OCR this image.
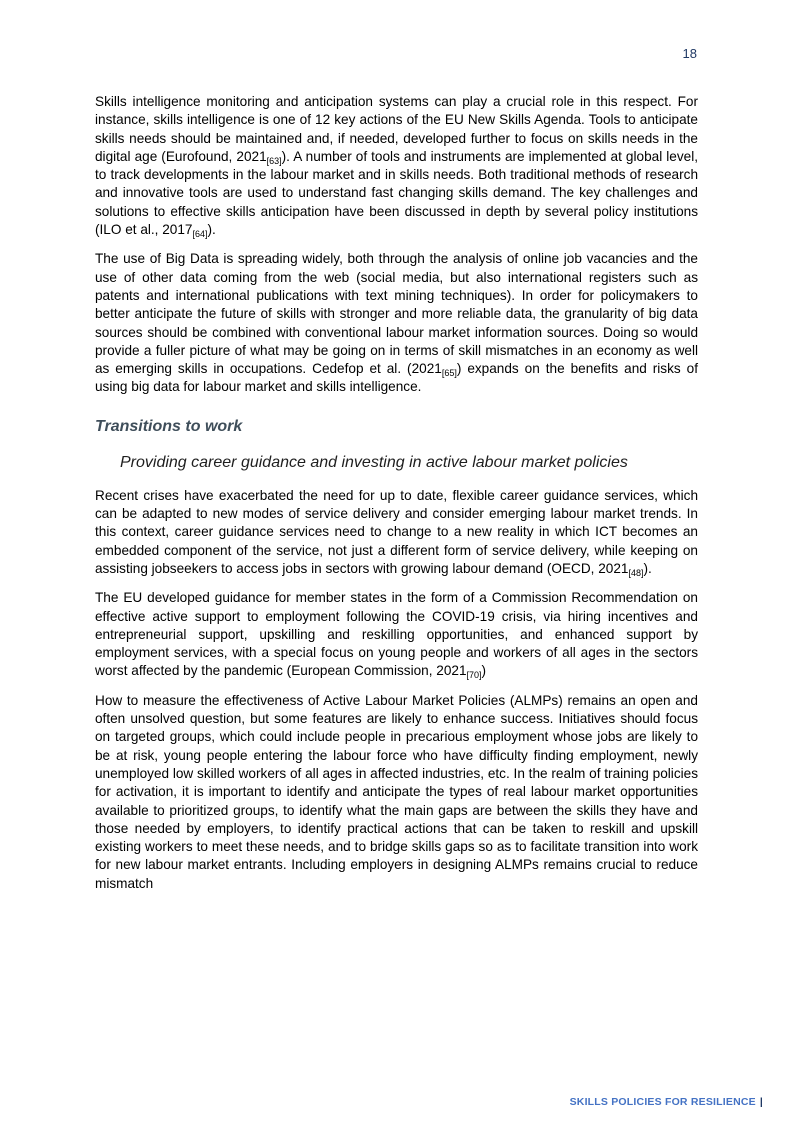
18

Skills intelligence monitoring and anticipation systems can play a crucial role in this respect. For instance, skills intelligence is one of 12 key actions of the EU New Skills Agenda. Tools to anticipate skills needs should be maintained and, if needed, developed further to focus on skills needs in the digital age (Eurofound, $2021_{[63]}$). A number of tools and instruments are implemented at global level, to track developments in the labour market and in skills needs. Both traditional methods of research and innovative tools are used to understand fast changing skills demand. The key challenges and solutions to effective skills anticipation have been discussed in depth by several policy institutions (ILO et al., $2017_{[64]}$).

The use of Big Data is spreading widely, both through the analysis of online job vacancies and the use of other data coming from the web (social media, but also international registers such as patents and international publications with text mining techniques). In order for policymakers to better anticipate the future of skills with stronger and more reliable data, the granularity of big data sources should be combined with conventional labour market information sources. Doing so would provide a fuller picture of what may be going on in terms of skill mismatches in an economy as well as emerging skills in occupations. Cedefop et al. $(2021_{[65]})$ expands on the benefits and risks of using big data for labour market and skills intelligence.

Transitions to work
Providing career guidance and investing in active labour market policies

Recent crises have exacerbated the need for up to date, flexible career guidance services, which can be adapted to new modes of service delivery and consider emerging labour market trends. In this context, career guidance services need to change to a new reality in which ICT becomes an embedded component of the service, not just a different form of service delivery, while keeping on assisting jobseekers to access jobs in sectors with growing labour demand (OECD, $2021_{[48]}$).

The EU developed guidance for member states in the form of a Commission Recommendation on effective active support to employment following the COVID-19 crisis, via hiring incentives and entrepreneurial support, upskilling and reskilling opportunities, and enhanced support by employment services, with a special focus on young people and workers of all ages in the sectors worst affected by the pandemic (European Commission, $2021_{[70]}$)

How to measure the effectiveness of Active Labour Market Policies (ALMPs) remains an open and often unsolved question, but some features are likely to enhance success. Initiatives should focus on targeted groups, which could include people in precarious employment whose jobs are likely to be at risk, young people entering the labour force who have difficulty finding employment, newly unemployed low skilled workers of all ages in affected industries, etc. In the realm of training policies for activation, it is important to identify and anticipate the types of real labour market opportunities available to prioritized groups, to identify what the main gaps are between the skills they have and those needed by employers, to identify practical actions that can be taken to reskill and upskill existing workers to meet these needs, and to bridge skills gaps so as to facilitate transition into work for new labour market entrants. Including employers in designing ALMPs remains crucial to reduce mismatch

SKILLS POLICIES FOR RESILIENCE |
